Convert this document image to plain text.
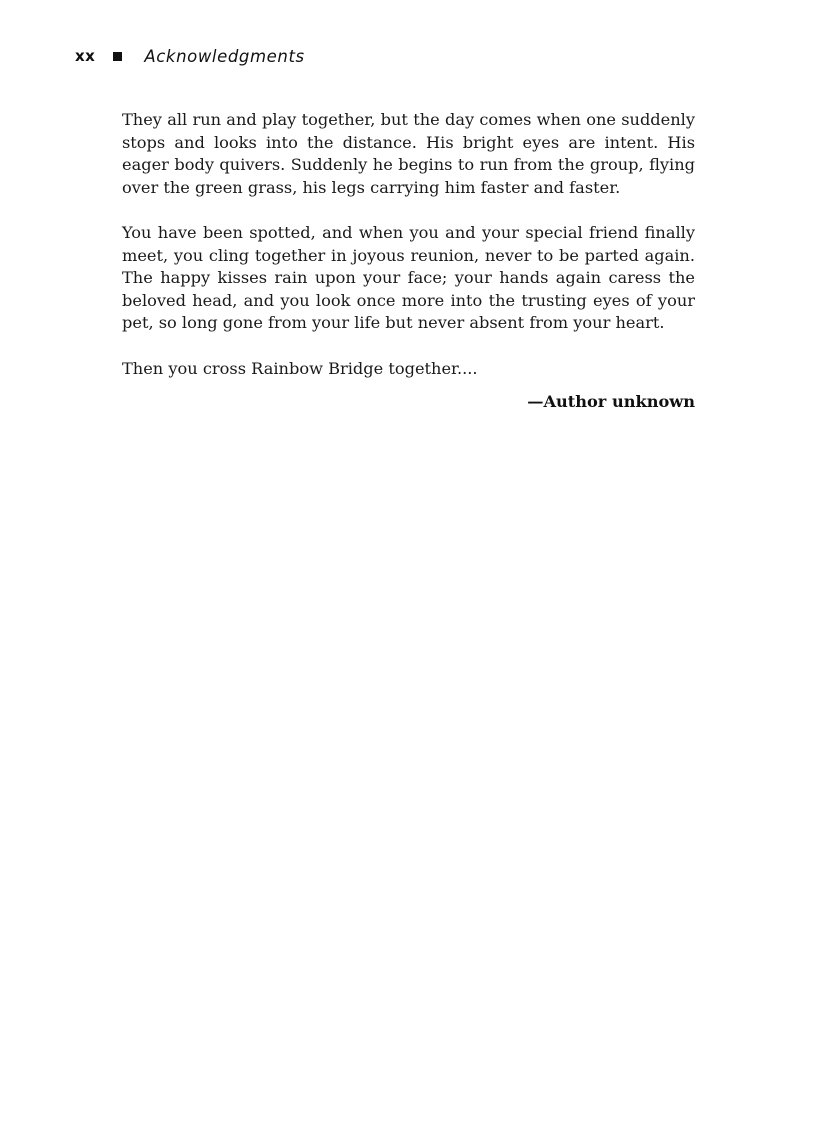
xx	Acknowledgments

They all run and play together, but the day comes when one suddenly stops and looks into the distance. His bright eyes are intent. His eager body quivers. Suddenly he begins to run from the group, flying over the green grass, his legs carrying him faster and faster.

You have been spotted, and when you and your special friend finally meet, you cling together in joyous reunion, never to be parted again. The happy kisses rain upon your face; your hands again caress the beloved head, and you look once more into the trusting eyes of your pet, so long gone from your life but never absent from your heart.

Then you cross Rainbow Bridge together....

—Author unknown
